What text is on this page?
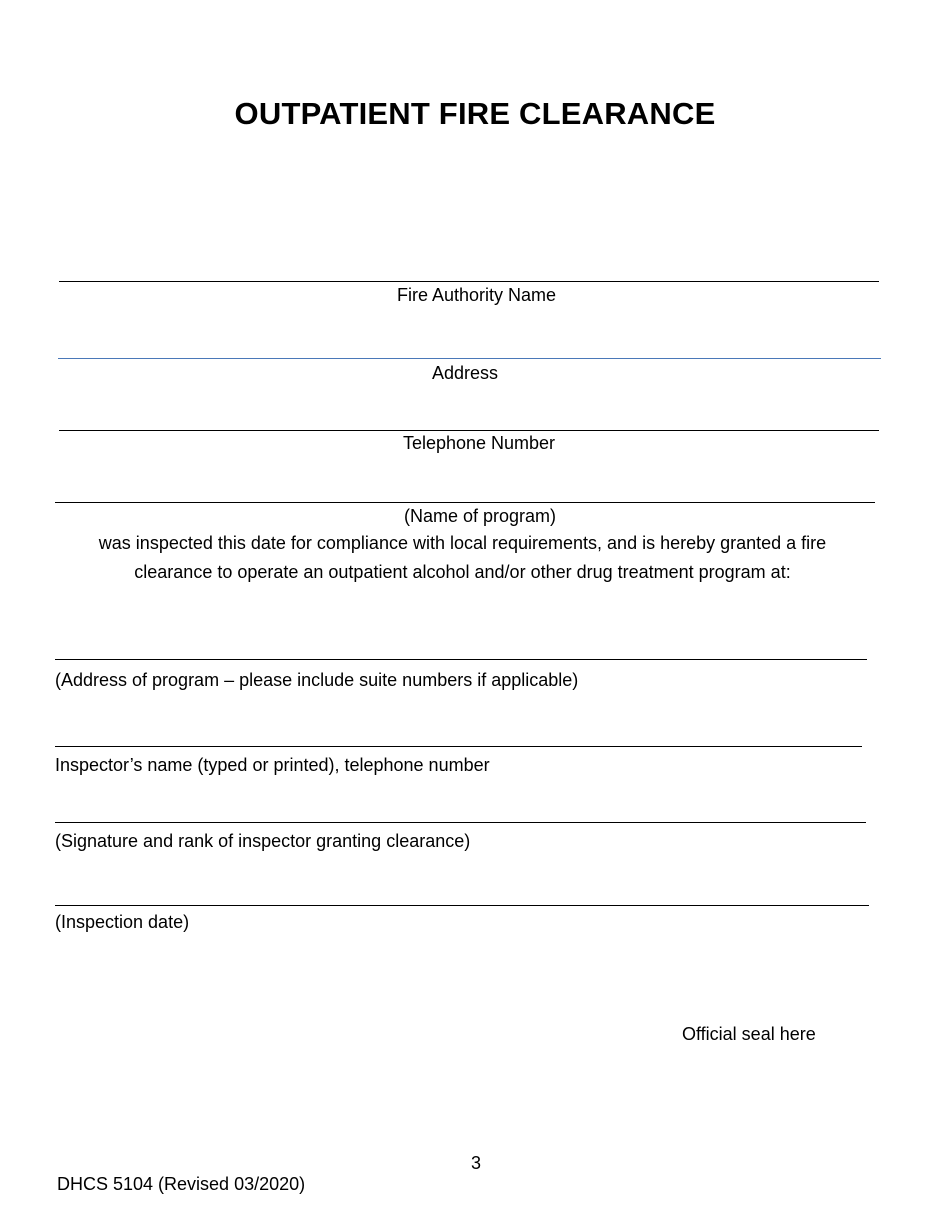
OUTPATIENT FIRE CLEARANCE
Fire Authority Name
Address
Telephone Number
(Name of program)
was inspected this date for compliance with local requirements, and is hereby granted a fire clearance to operate an outpatient alcohol and/or other drug treatment program at:
(Address of program – please include suite numbers if applicable)
Inspector’s name (typed or printed), telephone number
(Signature and rank of inspector granting clearance)
(Inspection date)
Official seal here
3
DHCS 5104 (Revised 03/2020)
